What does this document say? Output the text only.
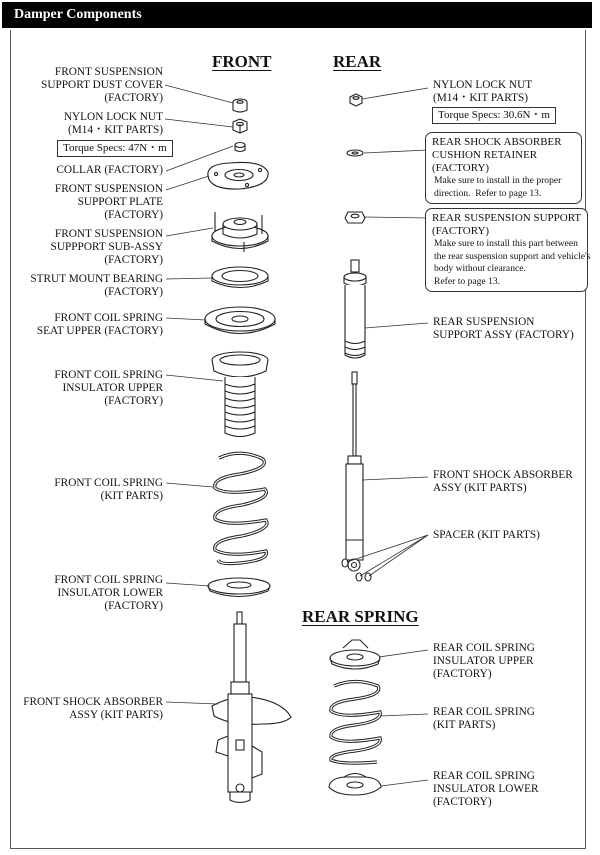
Damper Components
FRONT	REAR
REAR SPRING
FRONT SUSPENSION
SUPPORT DUST COVER
(FACTORY)
NYLON LOCK NUT
(M14・KIT PARTS)
Torque Specs: 47N・m
COLLAR (FACTORY)
FRONT SUSPENSION
SUPPORT PLATE
(FACTORY)
FRONT SUSPENSION
SUPPPORT SUB-ASSY
(FACTORY)
STRUT MOUNT BEARING
(FACTORY)
FRONT COIL SPRING
SEAT UPPER (FACTORY)
FRONT COIL SPRING
INSULATOR UPPER
(FACTORY)
FRONT COIL SPRING
(KIT PARTS)
FRONT COIL SPRING
INSULATOR LOWER
(FACTORY)
FRONT SHOCK ABSORBER
ASSY (KIT PARTS)
NYLON LOCK NUT
(M14・KIT PARTS)
Torque Specs: 30.6N・m
REAR SHOCK ABSORBER
CUSHION RETAINER
(FACTORY)
Make sure to install in the proper
direction.  Refer to page 13.
REAR SUSPENSION SUPPORT
(FACTORY)
Make sure to install this part between
the rear suspension support and vehicle's
body without clearance.
Refer to page 13.
REAR SUSPENSION
SUPPORT ASSY (FACTORY)
FRONT SHOCK ABSORBER
ASSY (KIT PARTS)
SPACER (KIT PARTS)
REAR COIL SPRING
INSULATOR UPPER
(FACTORY)
REAR COIL SPRING
(KIT PARTS)
REAR COIL SPRING
INSULATOR LOWER
(FACTORY)
